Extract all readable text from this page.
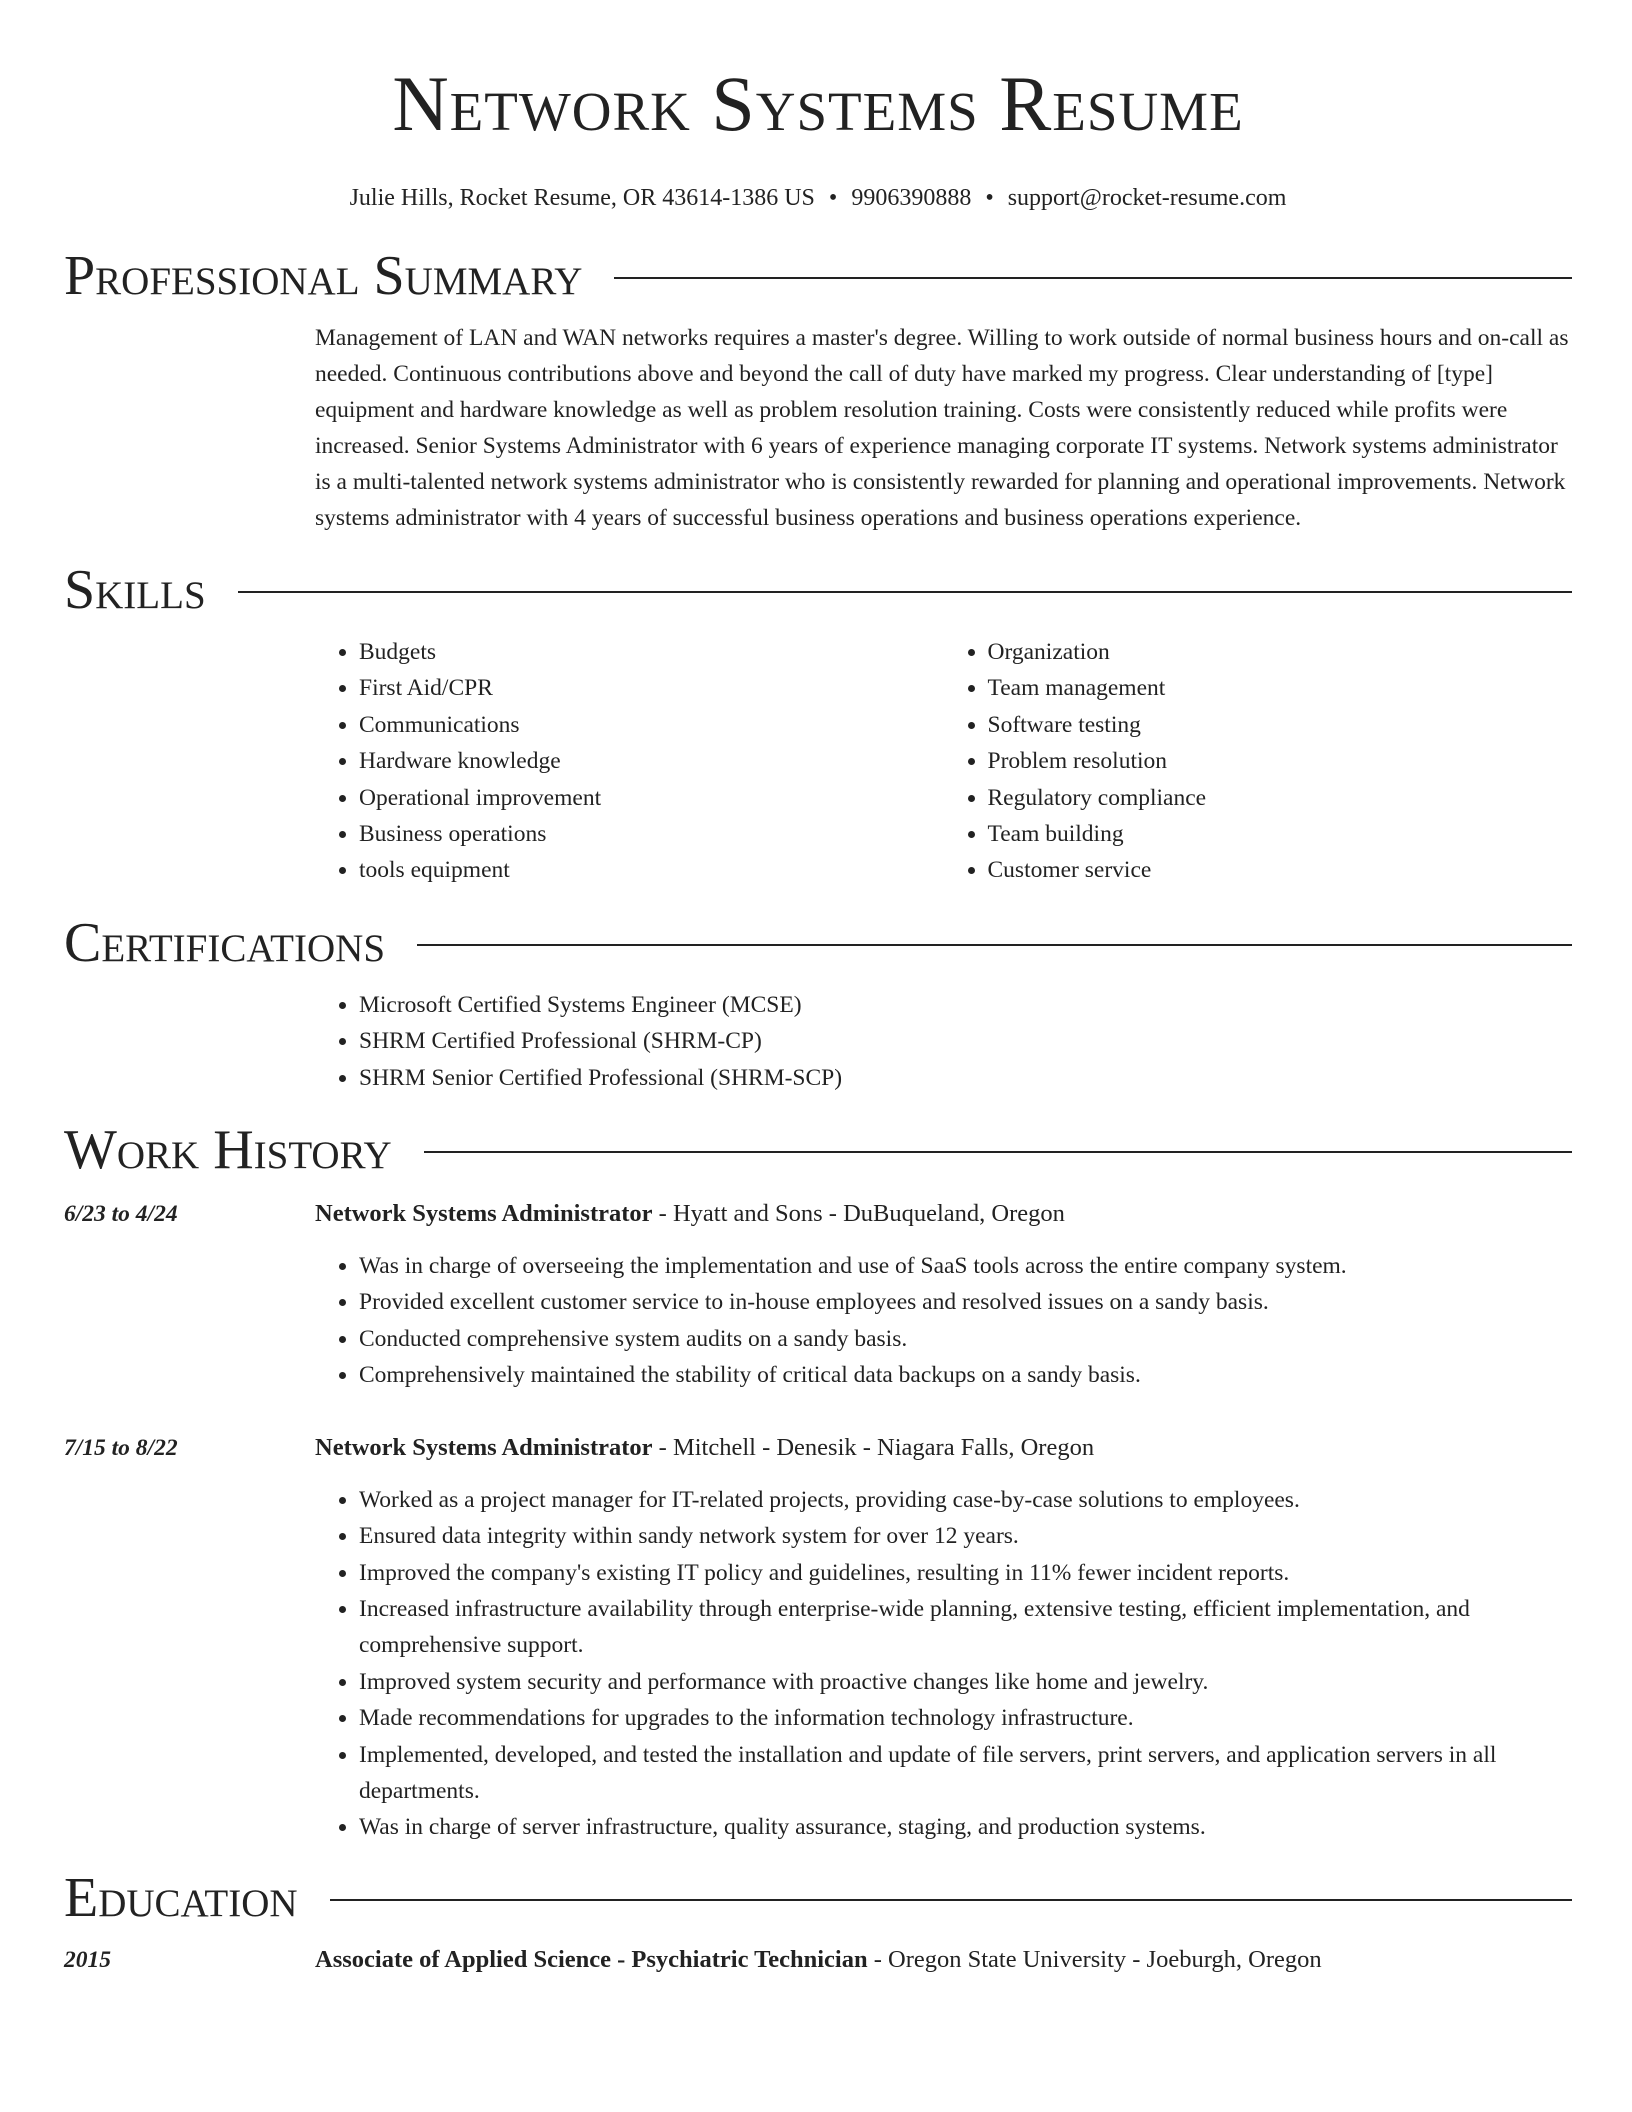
Network Systems Resume
Julie Hills, Rocket Resume, OR 43614-1386 US • 9906390888 • support@rocket-resume.com
Professional Summary

Management of LAN and WAN networks requires a master's degree. Willing to work outside of normal business hours and on-call as needed. Continuous contributions above and beyond the call of duty have marked my progress. Clear understanding of [type] equipment and hardware knowledge as well as problem resolution training. Costs were consistently reduced while profits were increased. Senior Systems Administrator with 6 years of experience managing corporate IT systems. Network systems administrator is a multi-talented network systems administrator who is consistently rewarded for planning and operational improvements. Network systems administrator with 4 years of successful business operations and business operations experience.

Skills
• Budgets
• First Aid/CPR
• Communications
• Hardware knowledge
• Operational improvement
• Business operations
• tools equipment
• Organization
• Team management
• Software testing
• Problem resolution
• Regulatory compliance
• Team building
• Customer service
Certifications
• Microsoft Certified Systems Engineer (MCSE)
• SHRM Certified Professional (SHRM-CP)
• SHRM Senior Certified Professional (SHRM-SCP)
Work History
6/23 to 4/24	Network Systems Administrator - Hyatt and Sons - DuBuqueland, Oregon
• Was in charge of overseeing the implementation and use of SaaS tools across the entire company system.
• Provided excellent customer service to in-house employees and resolved issues on a sandy basis.
• Conducted comprehensive system audits on a sandy basis.
• Comprehensively maintained the stability of critical data backups on a sandy basis.
7/15 to 8/22	Network Systems Administrator - Mitchell - Denesik - Niagara Falls, Oregon
• Worked as a project manager for IT-related projects, providing case-by-case solutions to employees.
• Ensured data integrity within sandy network system for over 12 years.
• Improved the company's existing IT policy and guidelines, resulting in 11% fewer incident reports.
• Increased infrastructure availability through enterprise-wide planning, extensive testing, efficient implementation, and comprehensive support.
• Improved system security and performance with proactive changes like home and jewelry.
• Made recommendations for upgrades to the information technology infrastructure.
• Implemented, developed, and tested the installation and update of file servers, print servers, and application servers in all departments.
• Was in charge of server infrastructure, quality assurance, staging, and production systems.
Education
2015	Associate of Applied Science - Psychiatric Technician - Oregon State University - Joeburgh, Oregon
